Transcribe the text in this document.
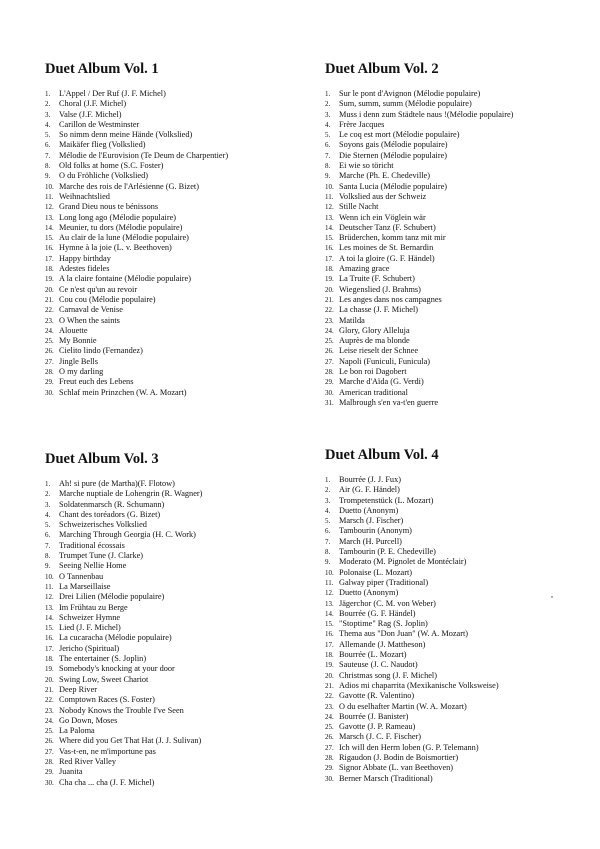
Duet Album Vol. 1
1.	L'Appel / Der Ruf (J. F. Michel)
2.	Choral (J.F. Michel)
3.	Valse (J.F. Michel)
4.	Carillon de Westminster
5.	So nimm denn meine Hände (Volkslied)
6.	Maikäfer flieg (Volkslied)
7.	Mélodie de l'Eurovision (Te Deum de Charpentier)
8.	Old folks at home (S.C. Foster)
9.	O du Fröhliche (Volkslied)
10. Marche des rois de l'Arlésienne (G. Bizet)
11. Weihnachtslied
12. Grand Dieu nous te bénissons
13. Long long ago (Mélodie populaire)
14. Meunier, tu dors (Mélodie populaire)
15. Au clair de la lune (Mélodie populaire)
16. Hymne à la joie (L. v. Beethoven)
17. Happy birthday
18. Adestes fideles
19. A la claire fontaine (Mélodie populaire)
20. Ce n'est qu'un au revoir
21. Cou cou (Mélodie populaire)
22. Carnaval de Venise
23. O When the saints
24. Alouette
25. My Bonnie
26. Cielito lindo (Fernandez)
27. Jingle Bells
28. O my darling
29. Freut euch des Lebens
30. Schlaf mein Prinzchen (W. A. Mozart)
Duet Album Vol. 2
1.	Sur le pont d'Avignon (Mélodie populaire)
2.	Sum, summ, summ (Mélodie populaire)
3.	Muss i denn zum Städtele naus !(Mélodie populaire)
4.	Frère Jacques
5.	Le coq est mort (Mélodie populaire)
6.	Soyons gais (Mélodie populaire)
7.	Die Sternen (Mélodie populaire)
8.	Ei wie so töricht
9.	Marche (Ph. E. Chedeville)
10. Santa Lucia (Mélodie populaire)
11. Volkslied aus der Schweiz
12. Stille Nacht
13. Wenn ich ein Vöglein wär
14. Deutscher Tanz (F. Schubert)
15. Brüderchen, komm tanz mit mir
16. Les moines de St. Bernardin
17. A toi la gloire (G. F. Händel)
18. Amazing grace
19. La Truite (F. Schubert)
20. Wiegenslied (J. Brahms)
21. Les anges dans nos campagnes
22. La chasse (J. F. Michel)
23. Matilda
24. Glory, Glory Alleluja
25. Auprès de ma blonde
26. Leise rieselt der Schnee
27. Napoli (Funiculi, Funicula)
28. Le bon roi Dagobert
29. Marche d'Aïda (G. Verdi)
30. American traditional
31. Malbrough s'en va-t'en guerre
Duet Album Vol. 3
1.	Ah! si pure (de Martha)(F. Flotow)
2.	Marche nuptiale de Lohengrin (R. Wagner)
3.	Soldatenmarsch (R. Schumann)
4.	Chant des toréadors (G. Bizet)
5.	Schweizerisches Volkslied
6.	Marching Through Georgia (H. C. Work)
7.	Traditional écossais
8.	Trumpet Tune (J. Clarke)
9.	Seeing Nellie Home
10. O Tannenbau
11. La Marseillaise
12. Drei Lilien (Mélodie populaire)
13. Im Frühtau zu Berge
14. Schweizer Hymne
15. Lied (J. F. Michel)
16. La cucaracha (Mélodie populaire)
17. Jericho (Spiritual)
18. The entertainer (S. Joplin)
19. Somebody's knocking at your door
20. Swing Low, Sweet Chariot
21. Deep River
22. Comptown Races (S. Foster)
23. Nobody Knows the Trouble I've Seen
24. Go Down, Moses
25. La Paloma
26. Where did you Get That Hat (J. J. Sulivan)
27. Vas-t-en, ne m'importune pas
28. Red River Valley
29. Juanita
30. Cha cha ... cha (J. F. Michel)
Duet Album Vol. 4
1.	Bourrée (J. J. Fux)
2.	Air (G. F. Händel)
3.	Trompetenstück (L. Mozart)
4.	Duetto (Anonym)
5.	Marsch (J. Fischer)
6.	Tambourin (Anonym)
7.	March (H. Purcell)
8.	Tambourin (P. E. Chedeville)
9.	Moderato (M. Pignolet de Montéclair)
10. Polonaise (L. Mozart)
11. Galway piper (Traditional)
12. Duetto (Anonym)
13. Jägerchor (C. M. von Weber)
14. Bourrée (G. F. Händel)
15. "Stoptime" Rag (S. Joplin)
16. Thema aus "Don Juan" (W. A. Mozart)
17. Allemande (J. Mattheson)
18. Bourrée (L. Mozart)
19. Sauteuse (J. C. Naudot)
20. Christmas song (J. F. Michel)
21. Adios mi chaparrita (Mexikanische Volksweise)
22. Gavotte (R. Valentino)
23. O du eselhafter Martin (W. A. Mozart)
24. Bourrée (J. Banister)
25. Gavotte (J. P. Rameau)
26. Marsch (J. C. F. Fischer)
27. Ich will den Herrn loben (G. P. Telemann)
28. Rigaudon (J. Bodin de Boismortier)
29. Signor Abbate (L. van Beethoven)
30. Berner Marsch (Traditional)
